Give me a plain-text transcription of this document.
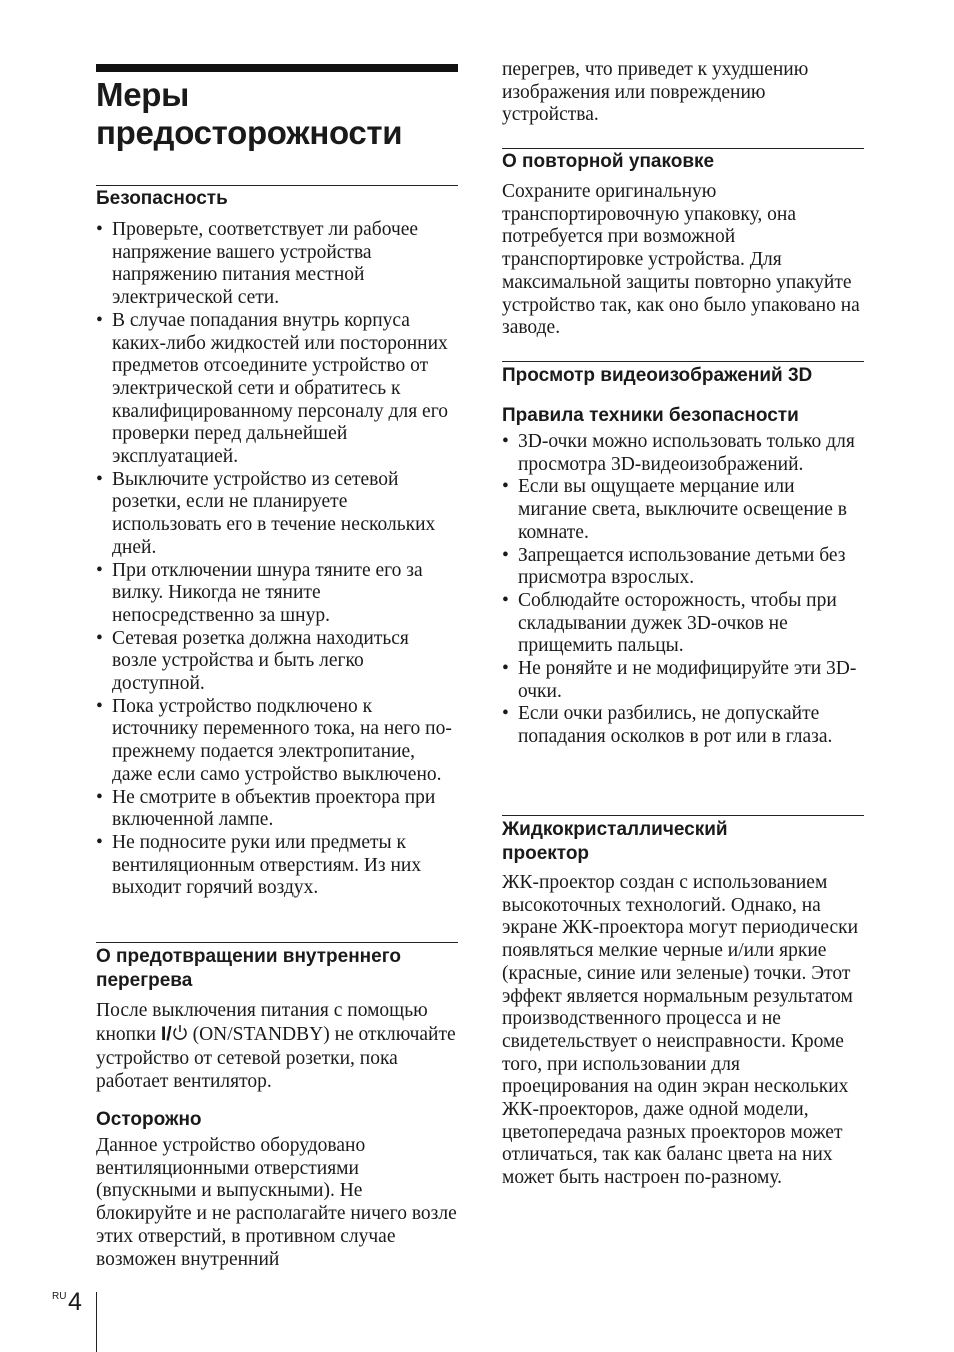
Меры
предосторожности
Безопасность
• Проверьте, соответствует ли рабочее напряжение вашего устройства напряжению питания местной электрической сети.
• В случае попадания внутрь корпуса каких-либо жидкостей или посторонних предметов отсоедините устройство от электрической сети и обратитесь к квалифицированному персоналу для его проверки перед дальнейшей эксплуатацией.
• Выключите устройство из сетевой розетки, если не планируете использовать его в течение нескольких дней.
• При отключении шнура тяните его за вилку. Никогда не тяните непосредственно за шнур.
• Сетевая розетка должна находиться возле устройства и быть легко доступной.
• Пока устройство подключено к источнику переменного тока, на него по-прежнему подается электропитание, даже если само устройство выключено.
• Не смотрите в объектив проектора при включенной лампе.
• Не подносите руки или предметы к вентиляционным отверстиям. Из них выходит горячий воздух.
О предотвращении внутреннего перегрева

После выключения питания с помощью кнопки I/ (ON/STANDBY) не отключайте устройство от сетевой розетки, пока работает вентилятор.

Осторожно

Данное устройство оборудовано вентиляционными отверстиями (впускными и выпускными). Не блокируйте и не располагайте ничего возле этих отверстий, в противном случае возможен внутренний

перегрев, что приведет к ухудшению изображения или повреждению устройства.

О повторной упаковке

Сохраните оригинальную транспортировочную упаковку, она потребуется при возможной транспортировке устройства. Для максимальной защиты повторно упакуйте устройство так, как оно было упаковано на заводе.

Просмотр видеоизображений 3D
Правила техники безопасности
• 3D-очки можно использовать только для просмотра 3D-видеоизображений.
• Если вы ощущаете мерцание или мигание света, выключите освещение в комнате.
• Запрещается использование детьми без присмотра взрослых.
• Соблюдайте осторожность, чтобы при складывании дужек 3D-очков не прищемить пальцы.
• Не роняйте и не модифицируйте эти 3D-очки.
• Если очки разбились, не допускайте попадания осколков в рот или в глаза.
Жидкокристаллический проектор

ЖК-проектор создан с использованием высокоточных технологий. Однако, на экране ЖК-проектора могут периодически появляться мелкие черные и/или яркие (красные, синие или зеленые) точки. Этот эффект является нормальным результатом производственного процесса и не свидетельствует о неисправности. Кроме того, при использовании для проецирования на один экран нескольких ЖК-проекторов, даже одной модели, цветопередача разных проекторов может отличаться, так как баланс цвета на них может быть настроен по-разному.

RU 4
